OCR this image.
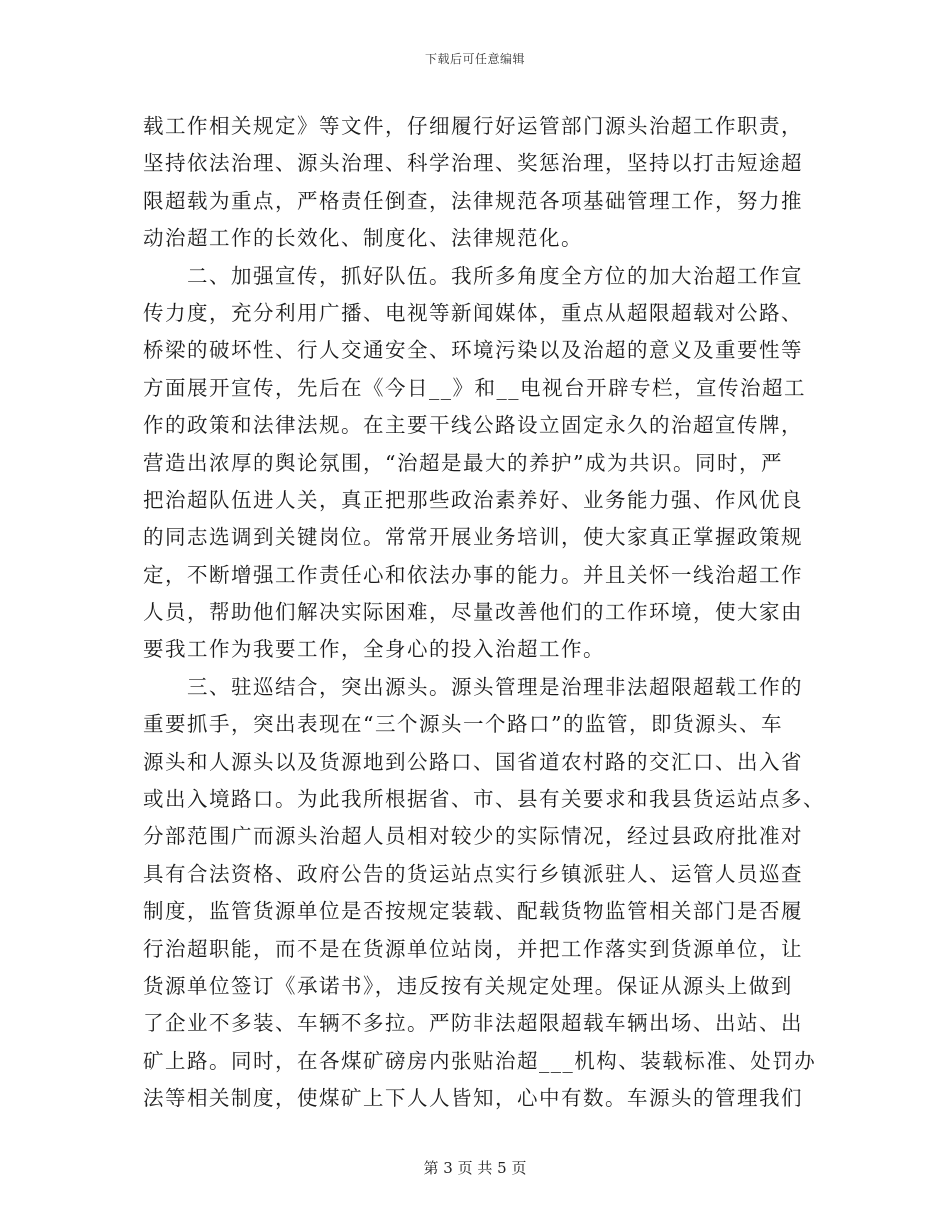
下载后可任意编辑
载工作相关规定》等文件，仔细履行好运管部门源头治超工作职责，
坚持依法治理、源头治理、科学治理、奖惩治理，坚持以打击短途超
限超载为重点，严格责任倒查，法律规范各项基础管理工作，努力推
动治超工作的长效化、制度化、法律规范化。
　　二、加强宣传，抓好队伍。我所多角度全方位的加大治超工作宣
传力度，充分利用广播、电视等新闻媒体，重点从超限超载对公路、
桥梁的破坏性、行人交通安全、环境污染以及治超的意义及重要性等
方面展开宣传，先后在《今日__》和__电视台开辟专栏，宣传治超工
作的政策和法律法规。在主要干线公路设立固定永久的治超宣传牌，
营造出浓厚的舆论氛围，“治超是最大的养护”成为共识。同时，严
把治超队伍进人关，真正把那些政治素养好、业务能力强、作风优良
的同志选调到关键岗位。常常开展业务培训，使大家真正掌握政策规
定，不断增强工作责任心和依法办事的能力。并且关怀一线治超工作
人员，帮助他们解决实际困难，尽量改善他们的工作环境，使大家由
要我工作为我要工作，全身心的投入治超工作。
　　三、驻巡结合，突出源头。源头管理是治理非法超限超载工作的
重要抓手，突出表现在“三个源头一个路口”的监管，即货源头、车
源头和人源头以及货源地到公路口、国省道农村路的交汇口、出入省
或出入境路口。为此我所根据省、市、县有关要求和我县货运站点多、
分部范围广而源头治超人员相对较少的实际情况，经过县政府批准对
具有合法资格、政府公告的货运站点实行乡镇派驻人、运管人员巡查
制度，监管货源单位是否按规定装载、配载货物监管相关部门是否履
行治超职能，而不是在货源单位站岗，并把工作落实到货源单位，让
货源单位签订《承诺书》，违反按有关规定处理。保证从源头上做到
了企业不多装、车辆不多拉。严防非法超限超载车辆出场、出站、出
矿上路。同时，在各煤矿磅房内张贴治超___机构、装载标准、处罚办
法等相关制度，使煤矿上下人人皆知，心中有数。车源头的管理我们
第 3 页 共 5 页
